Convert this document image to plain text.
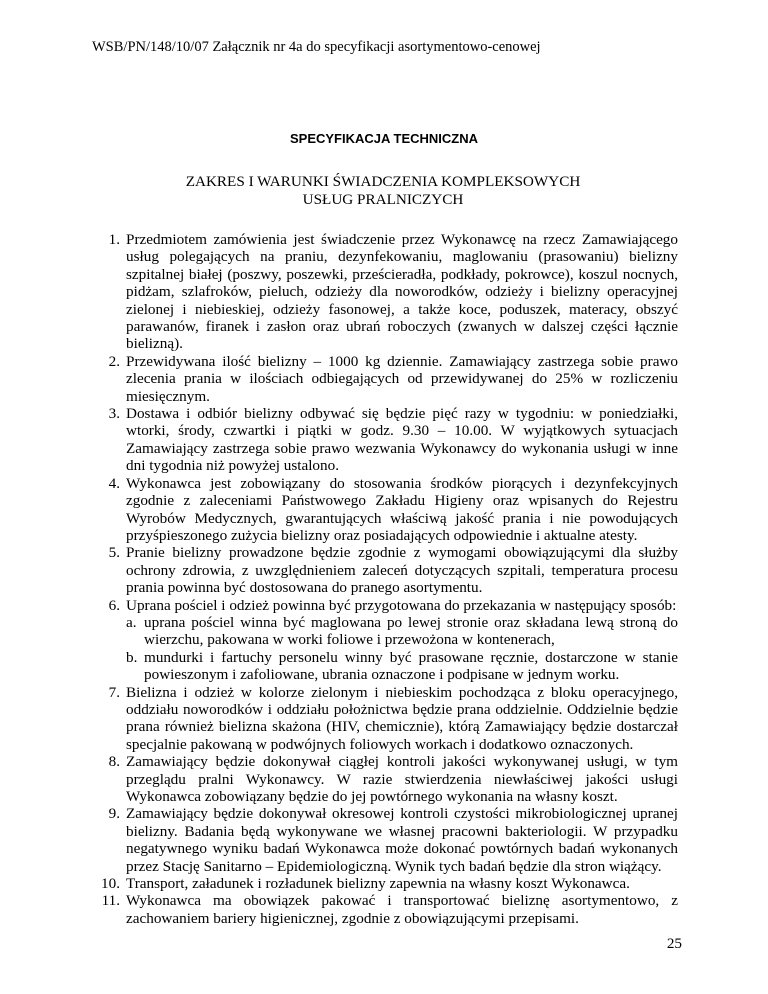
WSB/PN/148/10/07 Załącznik nr 4a do specyfikacji asortymentowo-cenowej
SPECYFIKACJA TECHNICZNA
ZAKRES I WARUNKI ŚWIADCZENIA KOMPLEKSOWYCH USŁUG PRALNICZYCH
1. Przedmiotem zamówienia jest świadczenie przez Wykonawcę na rzecz Zamawiającego usług polegających na praniu, dezynfekowaniu, maglowaniu (prasowaniu) bielizny szpitalnej białej (poszwy, poszewki, prześcieradła, podkłady, pokrowce), koszul nocnych, pidżam, szlafroków, pieluch, odzieży dla noworodków, odzieży i bielizny operacyjnej zielonej i niebieskiej, odzieży fasonowej, a także koce, poduszek, materacy, obszyć parawanów, firanek i zasłon oraz ubrań roboczych (zwanych w dalszej części łącznie bielizną).
2. Przewidywana ilość bielizny – 1000 kg dziennie. Zamawiający zastrzega sobie prawo zlecenia prania w ilościach odbiegających od przewidywanej do 25% w rozliczeniu miesięcznym.
3. Dostawa i odbiór bielizny odbywać się będzie pięć razy w tygodniu: w poniedziałki, wtorki, środy, czwartki i piątki w godz. 9.30 – 10.00. W wyjątkowych sytuacjach Zamawiający zastrzega sobie prawo wezwania Wykonawcy do wykonania usługi w inne dni tygodnia niż powyżej ustalono.
4. Wykonawca jest zobowiązany do stosowania środków piorących i dezynfekcyjnych zgodnie z zaleceniami Państwowego Zakładu Higieny oraz wpisanych do Rejestru Wyrobów Medycznych, gwarantujących właściwą jakość prania i nie powodujących przyśpieszonego zużycia bielizny oraz posiadających odpowiednie i aktualne atesty.
5. Pranie bielizny prowadzone będzie zgodnie z wymogami obowiązującymi dla służby ochrony zdrowia, z uwzględnieniem zaleceń dotyczących szpitali, temperatura procesu prania powinna być dostosowana do pranego asortymentu.
6. Uprana pościel i odzież powinna być przygotowana do przekazania w następujący sposób:
a. uprana pościel winna być maglowana po lewej stronie oraz składana lewą stroną do wierzchu, pakowana w worki foliowe i przewożona w kontenerach,
b. mundurki i fartuchy personelu winny być prasowane ręcznie, dostarczone w stanie powieszonym i zafoliowane, ubrania oznaczone i podpisane w jednym worku.
7. Bielizna i odzież w kolorze zielonym i niebieskim pochodząca z bloku operacyjnego, oddziału noworodków i oddziału położnictwa będzie prana oddzielnie. Oddzielnie będzie prana również bielizna skażona (HIV, chemicznie), którą Zamawiający będzie dostarczał specjalnie pakowaną w podwójnych foliowych workach i dodatkowo oznaczonych.
8. Zamawiający będzie dokonywał ciągłej kontroli jakości wykonywanej usługi, w tym przeglądu pralni Wykonawcy. W razie stwierdzenia niewłaściwej jakości usługi Wykonawca zobowiązany będzie do jej powtórnego wykonania na własny koszt.
9. Zamawiający będzie dokonywał okresowej kontroli czystości mikrobiologicznej upranej bielizny. Badania będą wykonywane we własnej pracowni bakteriologii. W przypadku negatywnego wyniku badań Wykonawca może dokonać powtórnych badań wykonanych przez Stację Sanitarno – Epidemiologiczną. Wynik tych badań będzie dla stron wiążący.
10. Transport, załadunek i rozładunek bielizny zapewnia na własny koszt Wykonawca.
11. Wykonawca ma obowiązek pakować i transportować bieliznę asortymentowo, z zachowaniem bariery higienicznej, zgodnie z obowiązującymi przepisami.
25
